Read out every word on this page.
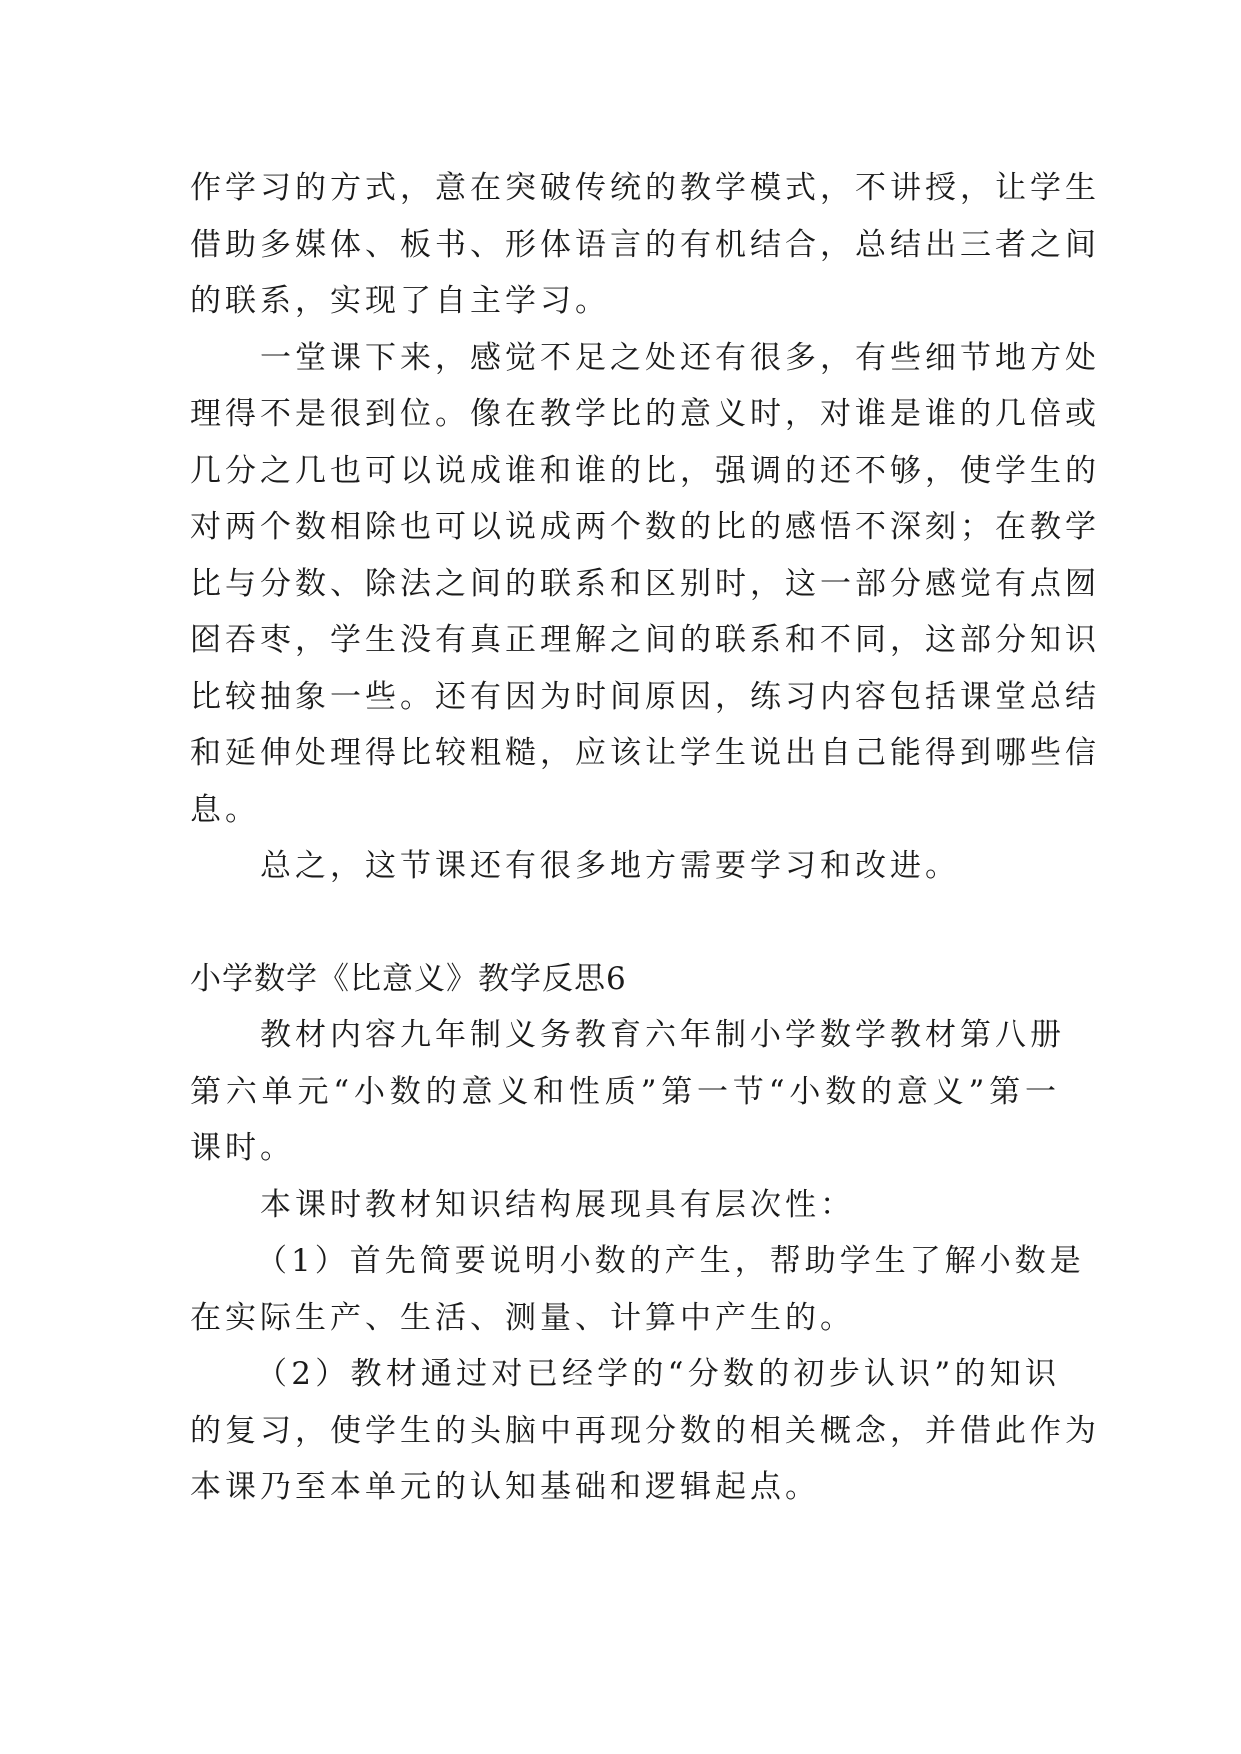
作学习的方式，意在突破传统的教学模式，不讲授，让学生

借助多媒体、板书、形体语言的有机结合，总结出三者之间

的联系，实现了自主学习。

一堂课下来，感觉不足之处还有很多，有些细节地方处

理得不是很到位。像在教学比的意义时，对谁是谁的几倍或

几分之几也可以说成谁和谁的比，强调的还不够，使学生的

对两个数相除也可以说成两个数的比的感悟不深刻；在教学

比与分数、除法之间的联系和区别时，这一部分感觉有点囫

囵吞枣，学生没有真正理解之间的联系和不同，这部分知识

比较抽象一些。还有因为时间原因，练习内容包括课堂总结

和延伸处理得比较粗糙，应该让学生说出自己能得到哪些信

息。

总之，这节课还有很多地方需要学习和改进。

小学数学《比意义》教学反思6

教材内容九年制义务教育六年制小学数学教材第八册

第六单元“小数的意义和性质”第一节“小数的意义”第一

课时。

本课时教材知识结构展现具有层次性：

（1）首先简要说明小数的产生，帮助学生了解小数是

在实际生产、生活、测量、计算中产生的。

（2）教材通过对已经学的“分数的初步认识”的知识

的复习，使学生的头脑中再现分数的相关概念，并借此作为

本课乃至本单元的认知基础和逻辑起点。
